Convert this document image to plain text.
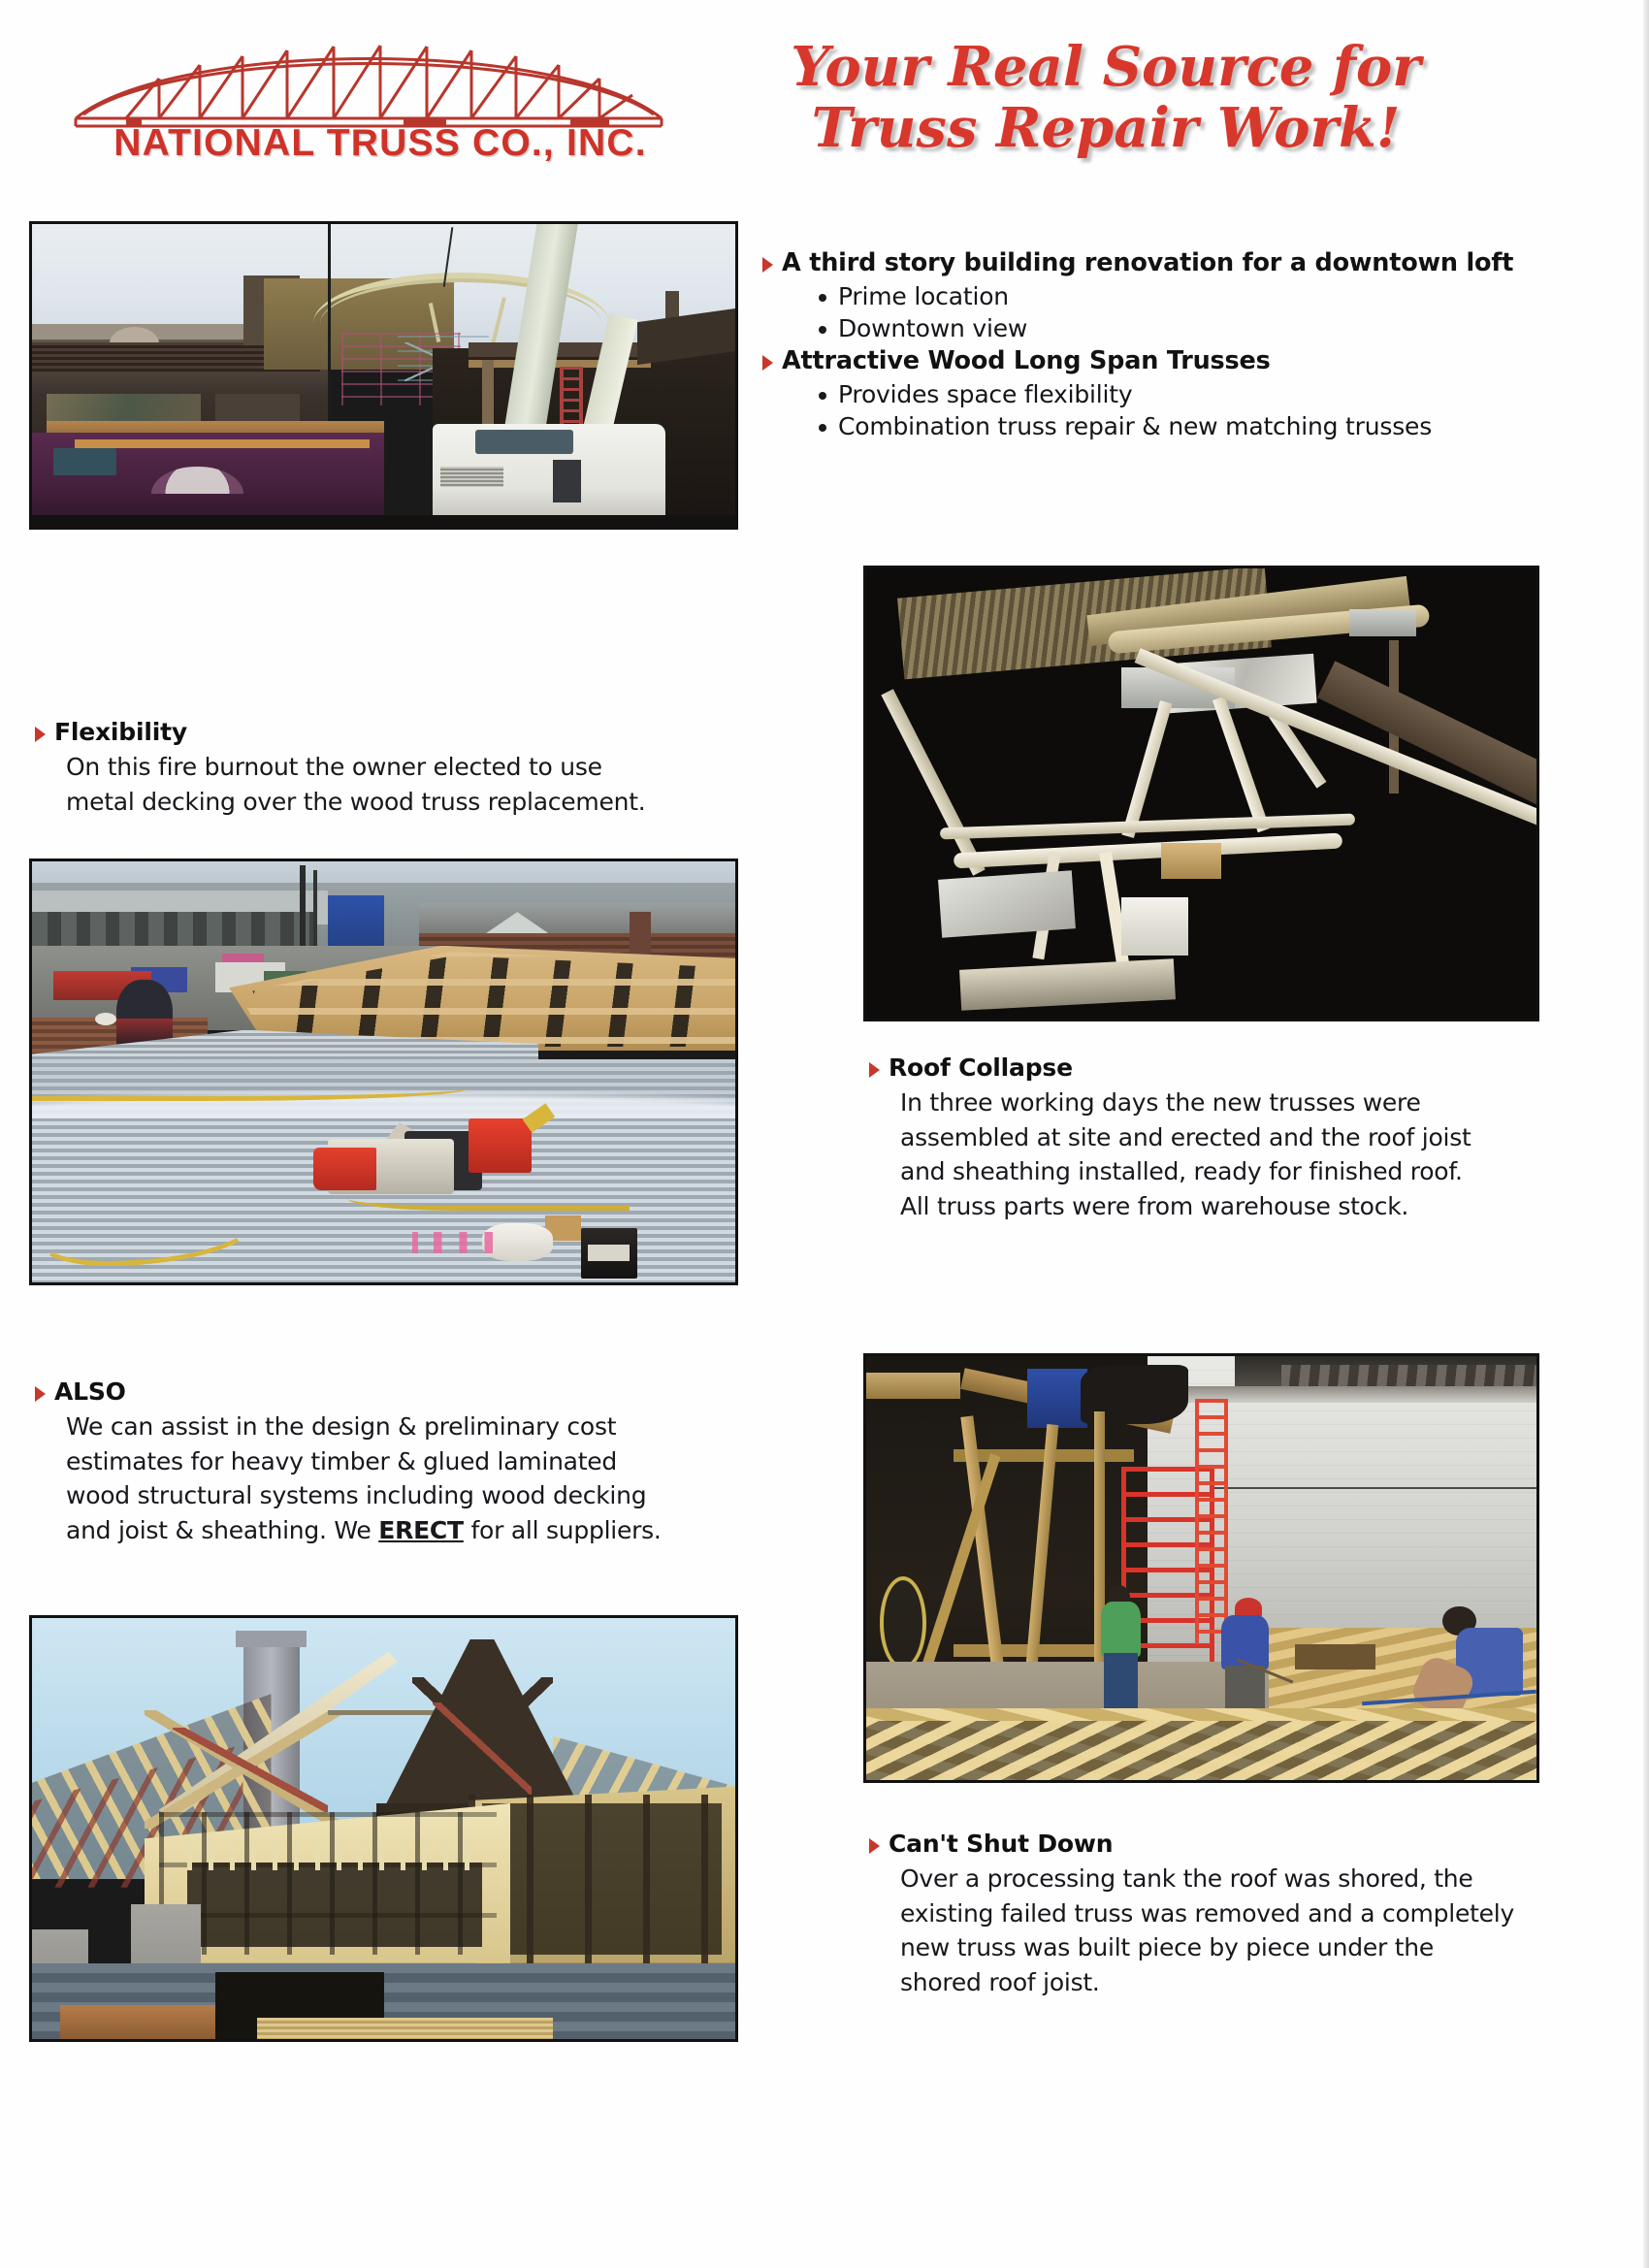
NATIONAL TRUSS CO., INC.
Your Real Source for
Truss Repair Work!
A third story building renovation for a downtown loft
Prime location
Downtown view
Attractive Wood Long Span Trusses
Provides space flexibility
Combination truss repair & new matching trusses
Flexibility
On this fire burnout the owner elected to use
metal decking over the wood truss replacement.
Roof Collapse
In three working days the new trusses were
assembled at site and erected and the roof joist
and sheathing installed, ready for finished roof.
All truss parts were from warehouse stock.
ALSO
We can assist in the design & preliminary cost
estimates for heavy timber & glued laminated
wood structural systems including wood decking
and joist & sheathing. We ERECT for all suppliers.
Can't Shut Down
Over a processing tank the roof was shored, the
existing failed truss was removed and a completely
new truss was built piece by piece under the
shored roof joist.
